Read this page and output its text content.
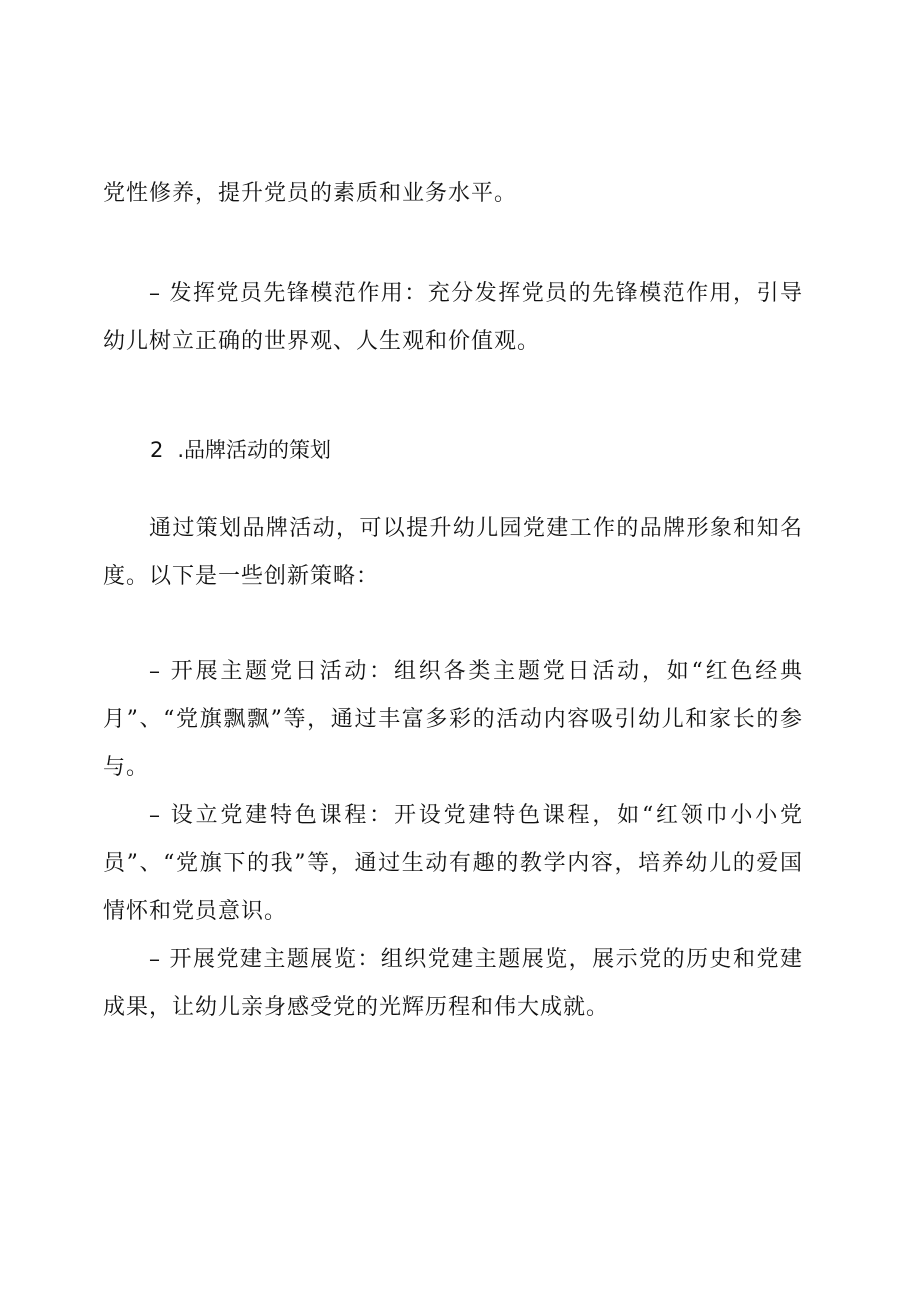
党性修养，提升党员的素质和业务水平。

– 发挥党员先锋模范作用：充分发挥党员的先锋模范作用，引导幼儿树立正确的世界观、人生观和价值观。

2 .品牌活动的策划

通过策划品牌活动，可以提升幼儿园党建工作的品牌形象和知名度。以下是一些创新策略：

– 开展主题党日活动：组织各类主题党日活动，如“红色经典月”、“党旗飘飘”等，通过丰富多彩的活动内容吸引幼儿和家长的参与。

– 设立党建特色课程：开设党建特色课程，如“红领巾小小党员”、“党旗下的我”等，通过生动有趣的教学内容，培养幼儿的爱国情怀和党员意识。

– 开展党建主题展览：组织党建主题展览，展示党的历史和党建成果，让幼儿亲身感受党的光辉历程和伟大成就。
